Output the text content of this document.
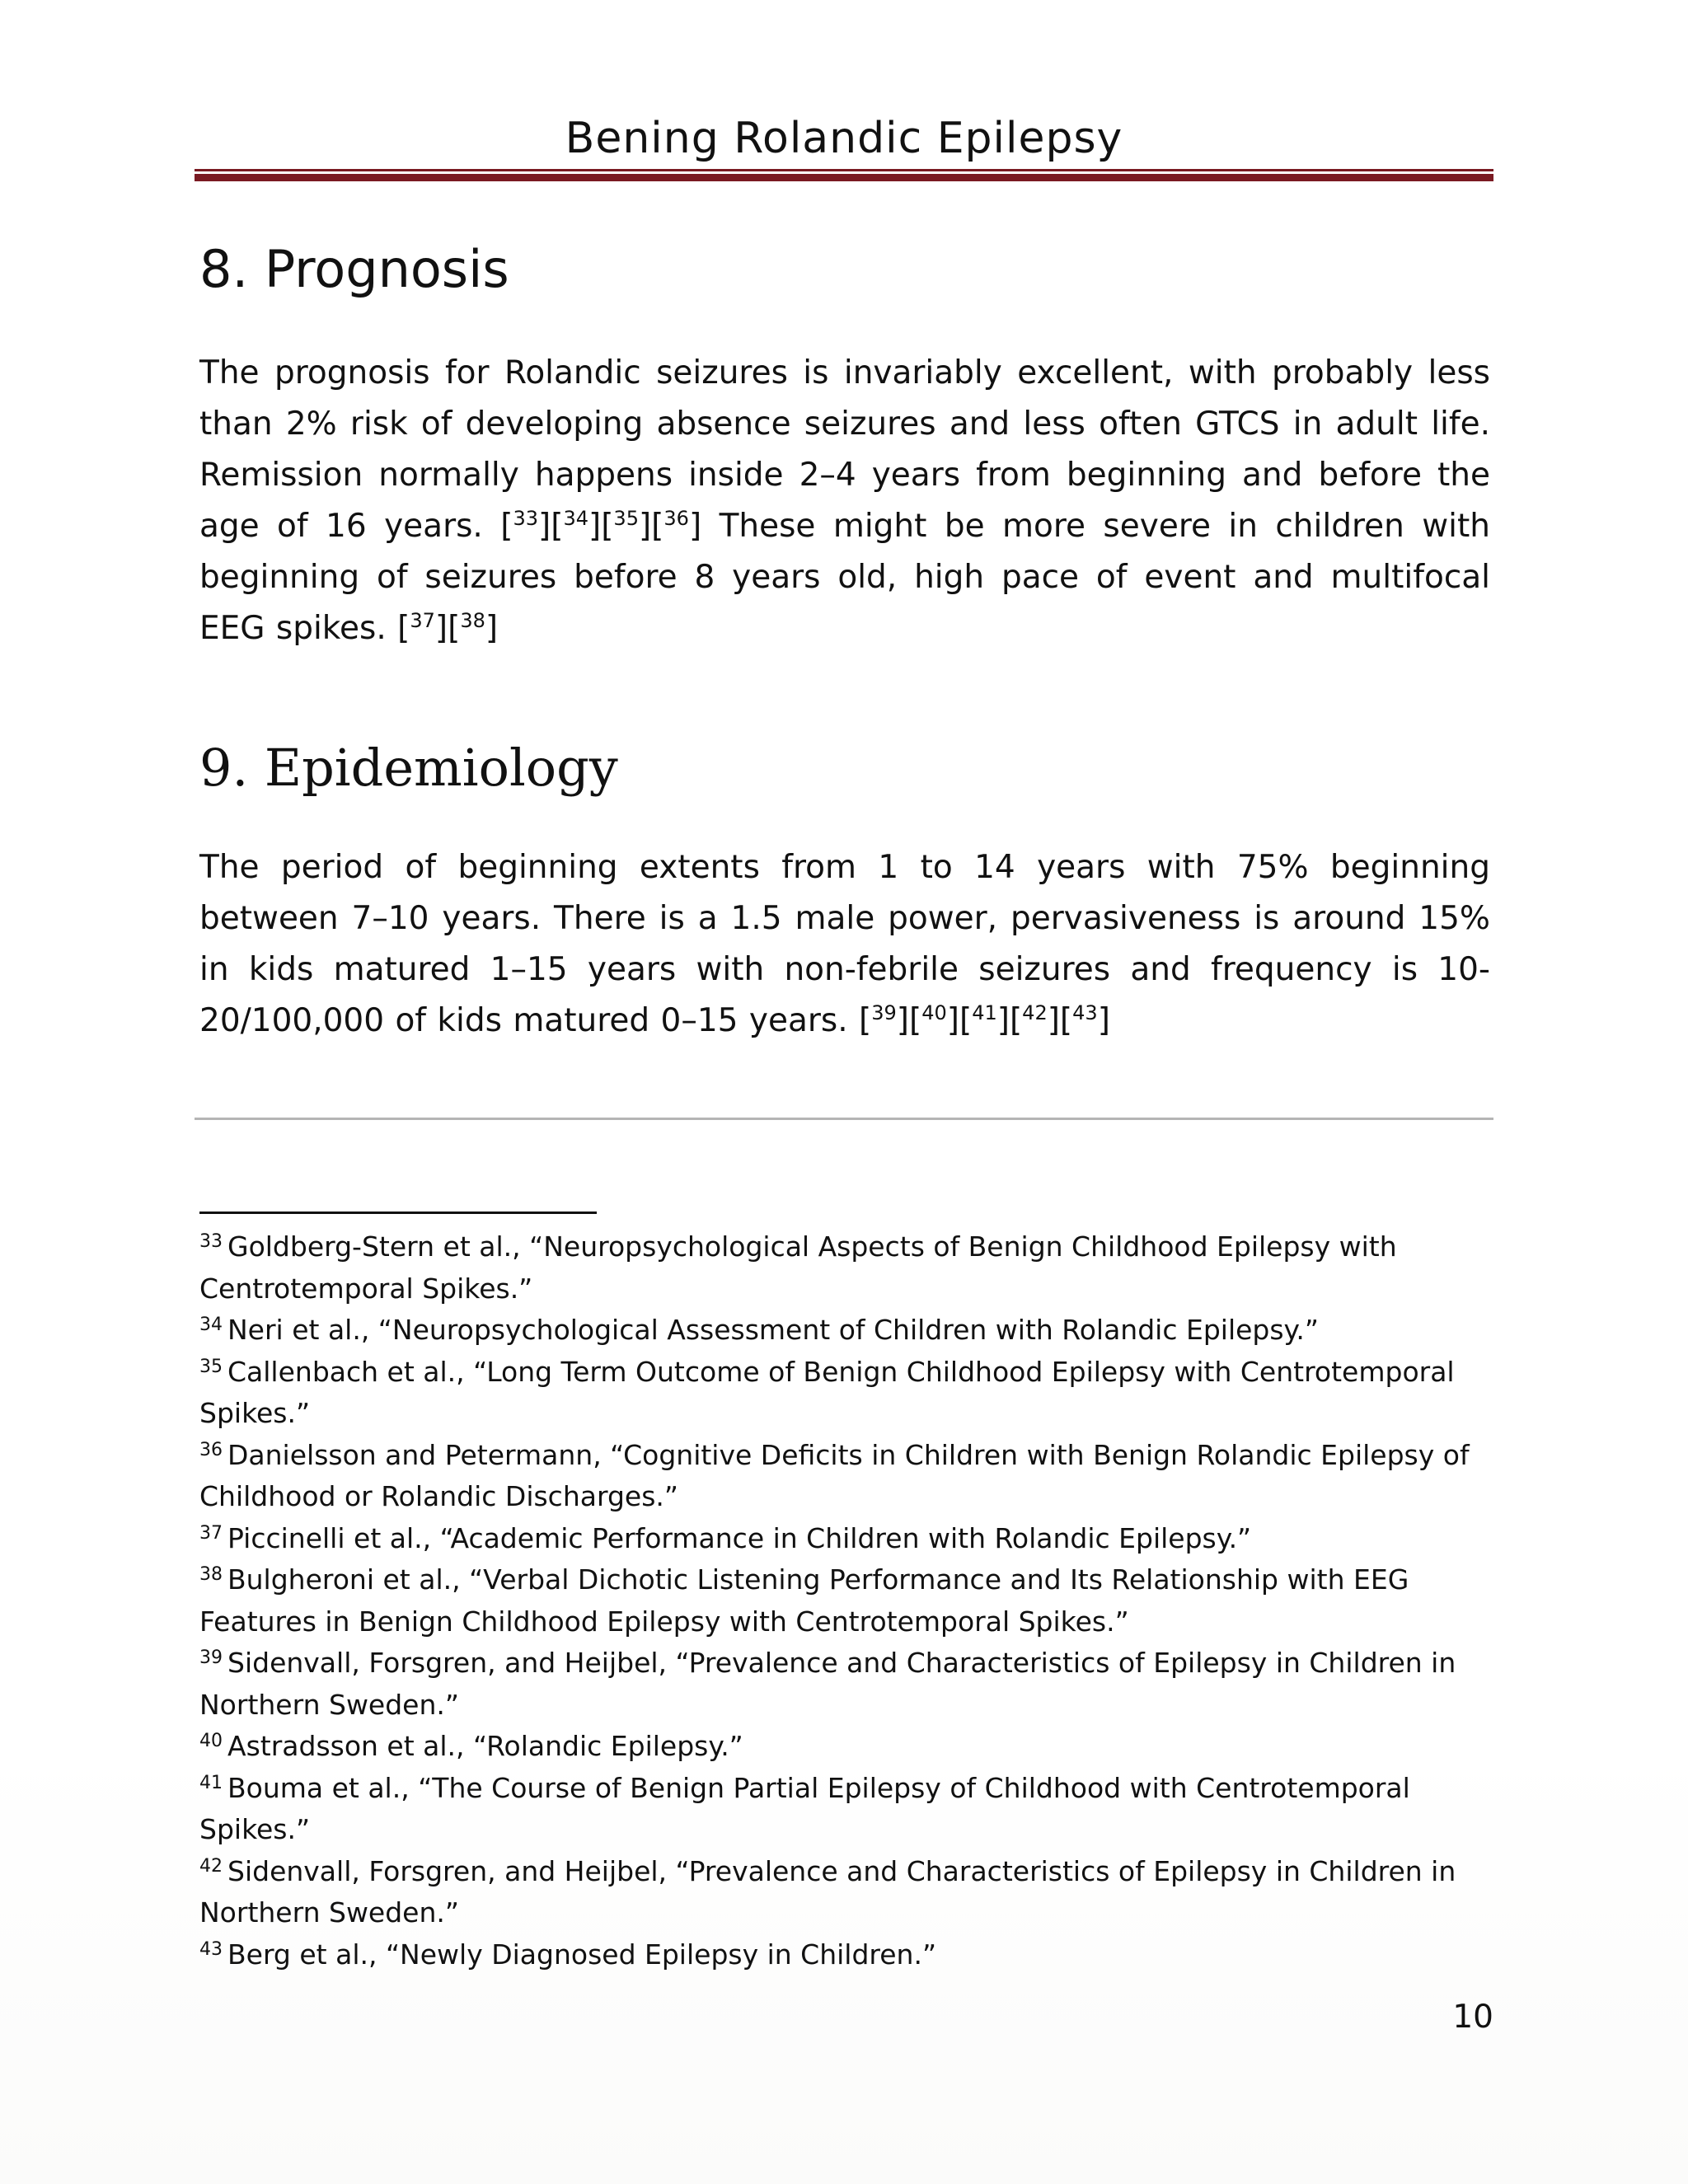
Bening Rolandic Epilepsy
8. Prognosis

The prognosis for Rolandic seizures is invariably excellent, with probably less than 2% risk of developing absence seizures and less often GTCS in adult life. Remission normally happens inside 2–4 years from beginning and before the age of 16 years. [$^{33}$][$^{34}$][$^{35}$][$^{36}$] These might be more severe in children with beginning of seizures before 8 years old, high pace of event and multifocal EEG spikes. [$^{37}$][$^{38}$]

9. Epidemiology

The period of beginning extents from 1 to 14 years with 75% beginning between 7–10 years. There is a 1.5 male power, pervasiveness is around 15% in kids matured 1–15 years with non-febrile seizures and frequency is 10-20/100,000 of kids matured 0–15 years. [$^{39}$][$^{40}$][$^{41}$][$^{42}$][$^{43}$]

$^{33}$ Goldberg-Stern et al., “Neuropsychological Aspects of Benign Childhood Epilepsy with Centrotemporal Spikes.”
$^{34}$ Neri et al., “Neuropsychological Assessment of Children with Rolandic Epilepsy.”
$^{35}$ Callenbach et al., “Long Term Outcome of Benign Childhood Epilepsy with Centrotemporal Spikes.”
$^{36}$ Danielsson and Petermann, “Cognitive Deficits in Children with Benign Rolandic Epilepsy of Childhood or Rolandic Discharges.”
$^{37}$ Piccinelli et al., “Academic Performance in Children with Rolandic Epilepsy.”
$^{38}$ Bulgheroni et al., “Verbal Dichotic Listening Performance and Its Relationship with EEG Features in Benign Childhood Epilepsy with Centrotemporal Spikes.”
$^{39}$ Sidenvall, Forsgren, and Heijbel, “Prevalence and Characteristics of Epilepsy in Children in Northern Sweden.”
$^{40}$ Astradsson et al., “Rolandic Epilepsy.”
$^{41}$ Bouma et al., “The Course of Benign Partial Epilepsy of Childhood with Centrotemporal Spikes.”
$^{42}$ Sidenvall, Forsgren, and Heijbel, “Prevalence and Characteristics of Epilepsy in Children in Northern Sweden.”
$^{43}$ Berg et al., “Newly Diagnosed Epilepsy in Children.”
10
